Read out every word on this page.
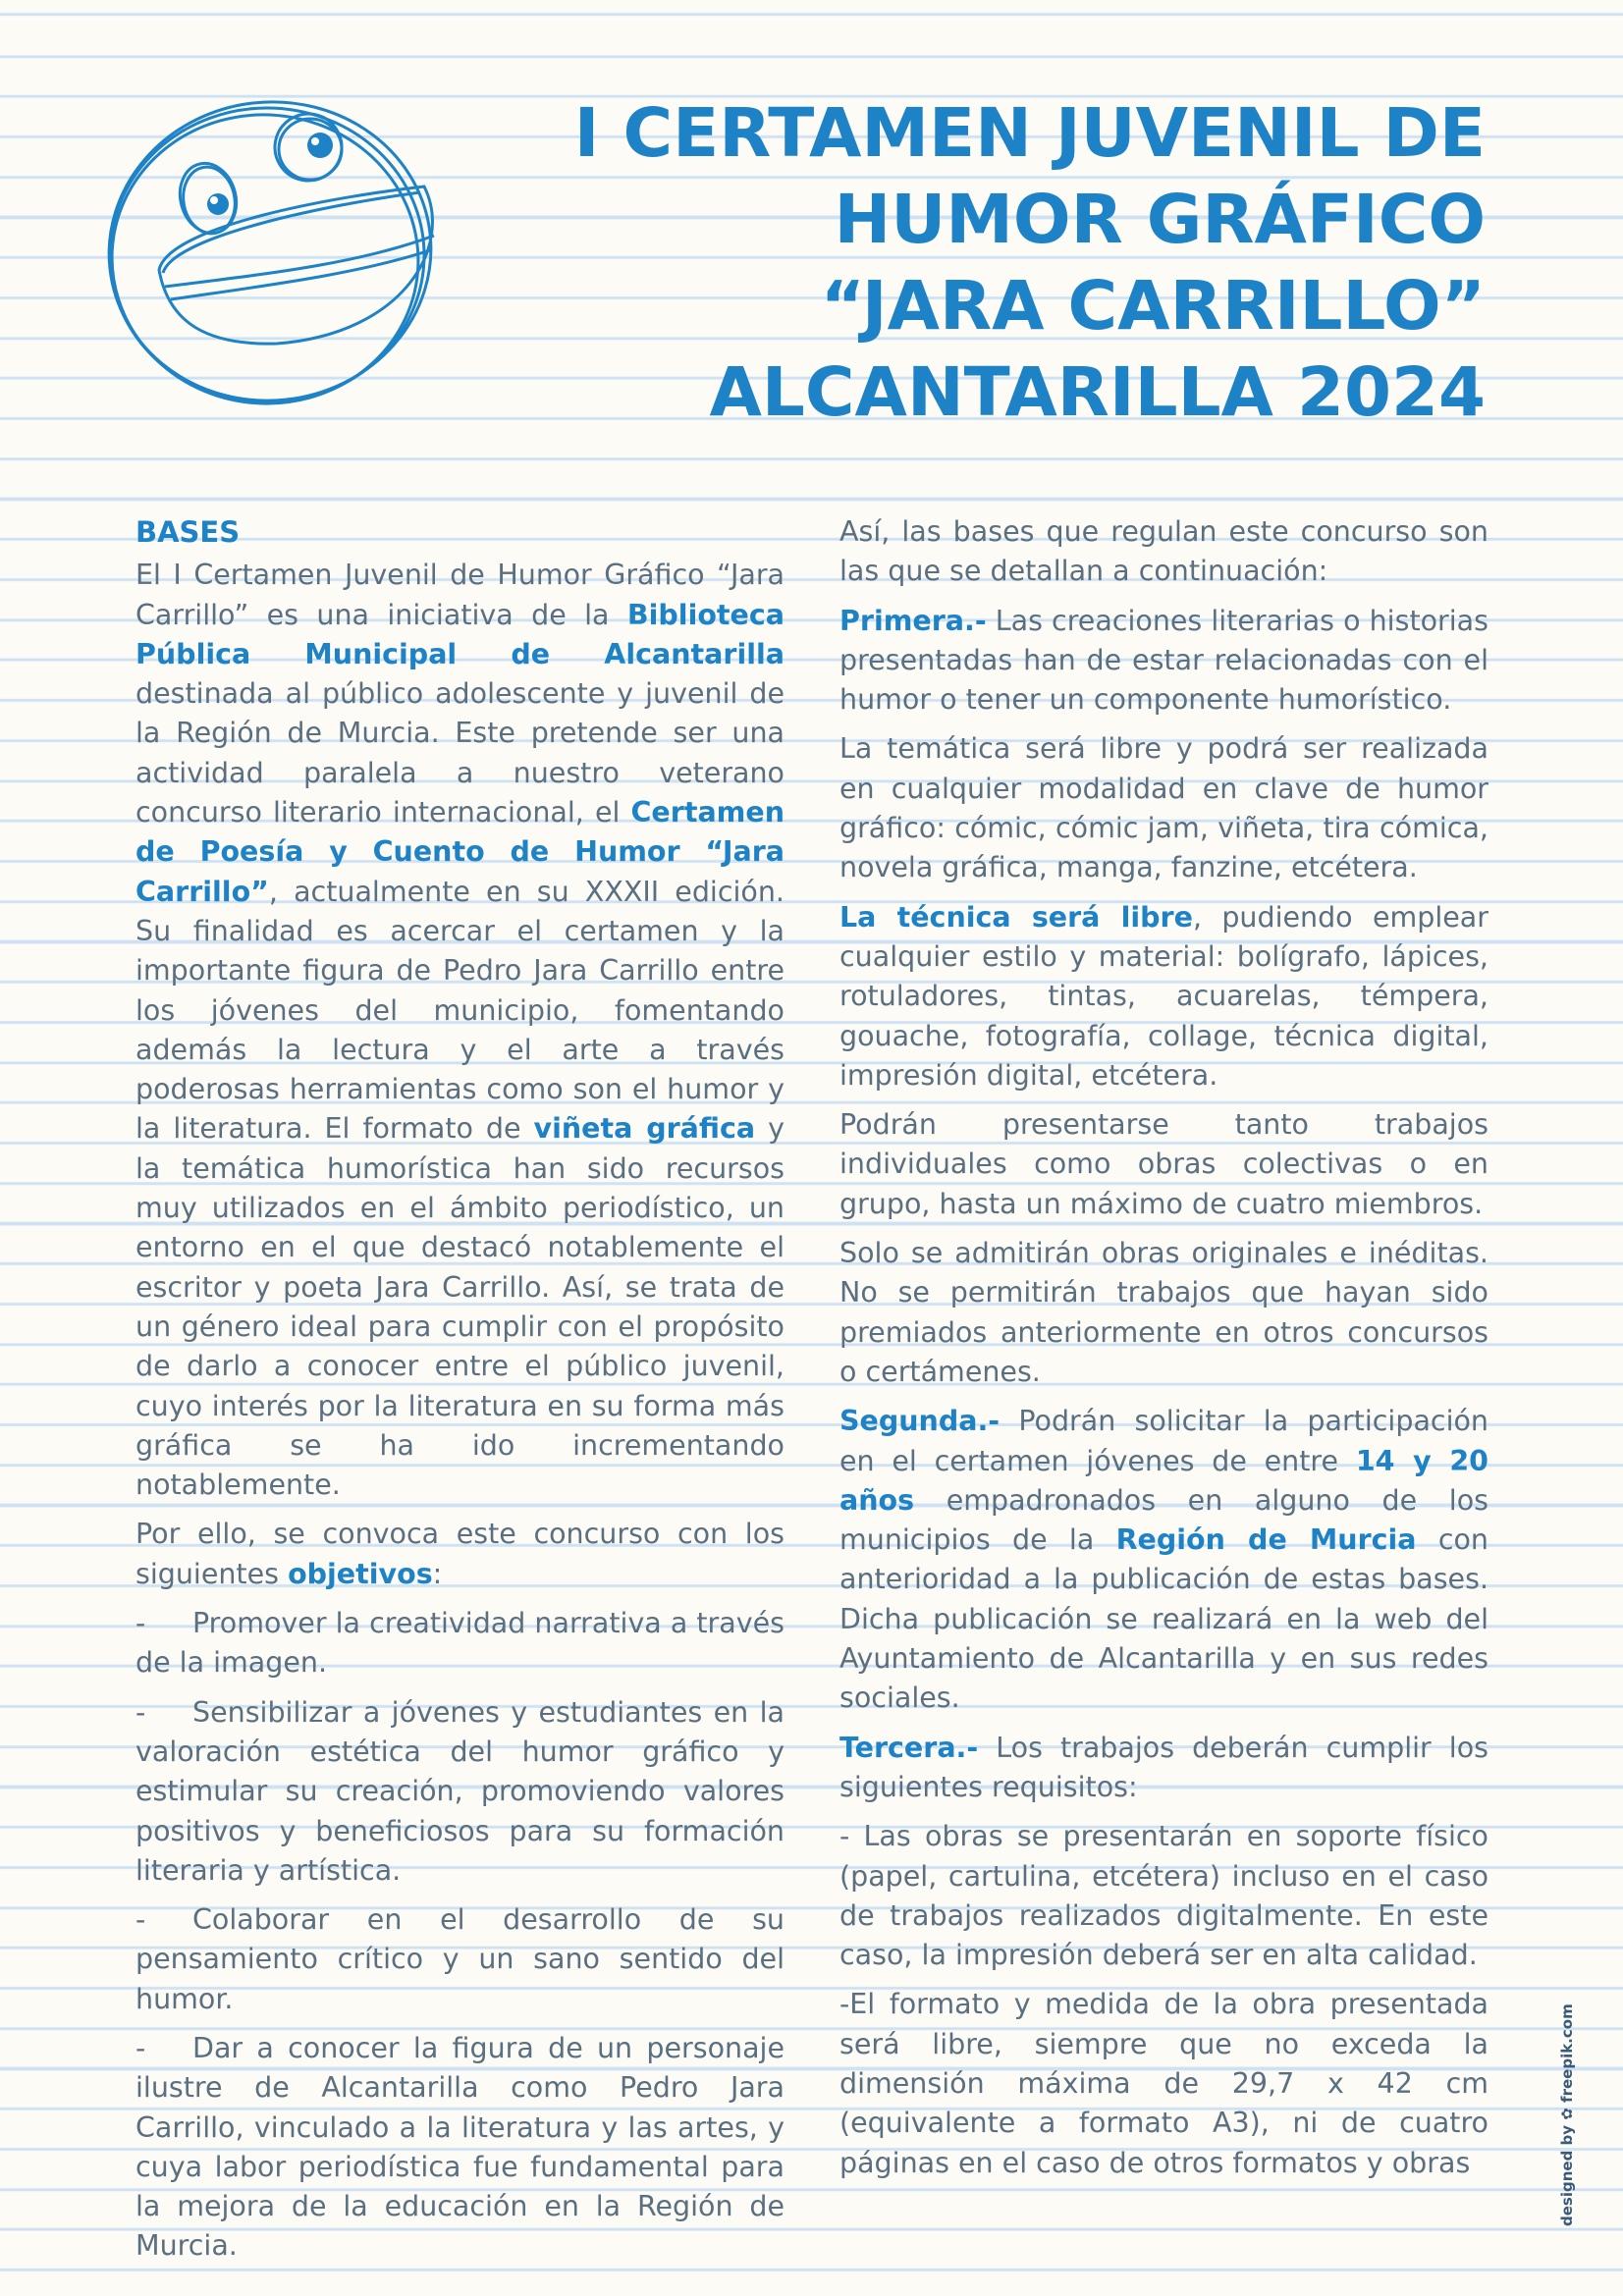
I CERTAMEN JUVENIL DE
HUMOR GRÁFICO
“JARA CARRILLO”
ALCANTARILLA 2024
BASES

El I Certamen Juvenil de Humor Gráfico “Jara Carrillo” es una iniciativa de la Biblioteca Pública Municipal de Alcantarilla destinada al público adolescente y juvenil de la Región de Murcia. Este pretende ser una actividad paralela a nuestro veterano concurso literario internacional, el Certamen de Poesía y Cuento de Humor “Jara Carrillo”, actualmente en su XXXII edición. Su finalidad es acercar el certamen y la importante figura de Pedro Jara Carrillo entre los jóvenes del municipio, fomentando además la lectura y el arte a través poderosas herramientas como son el humor y la literatura. El formato de viñeta gráfica y la temática humorística han sido recursos muy utilizados en el ámbito periodístico, un entorno en el que destacó notablemente el escritor y poeta Jara Carrillo. Así, se trata de un género ideal para cumplir con el propósito de darlo a conocer entre el público juvenil, cuyo interés por la literatura en su forma más gráfica se ha ido incrementando notablemente.

Por ello, se convoca este concurso con los siguientes objetivos:

- Promover la creatividad narrativa a través de la imagen.

- Sensibilizar a jóvenes y estudiantes en la valoración estética del humor gráfico y estimular su creación, promoviendo valores positivos y beneficiosos para su formación literaria y artística.

- Colaborar en el desarrollo de su pensamiento crítico y un sano sentido del humor.

- Dar a conocer la figura de un personaje ilustre de Alcantarilla como Pedro Jara Carrillo, vinculado a la literatura y las artes, y cuya labor periodística fue fundamental para la mejora de la educación en la Región de Murcia.

Así, las bases que regulan este concurso son las que se detallan a continuación:

Primera.- Las creaciones literarias o historias presentadas han de estar relacionadas con el humor o tener un componente humorístico.

La temática será libre y podrá ser realizada en cualquier modalidad en clave de humor gráfico: cómic, cómic jam, viñeta, tira cómica, novela gráfica, manga, fanzine, etcétera.

La técnica será libre, pudiendo emplear cualquier estilo y material: bolígrafo, lápices, rotuladores, tintas, acuarelas, témpera, gouache, fotografía, collage, técnica digital, impresión digital, etcétera.

Podrán presentarse tanto trabajos individuales como obras colectivas o en grupo, hasta un máximo de cuatro miembros.

Solo se admitirán obras originales e inéditas. No se permitirán trabajos que hayan sido premiados anteriormente en otros concursos o certámenes.

Segunda.- Podrán solicitar la participación en el certamen jóvenes de entre 14 y 20 años empadronados en alguno de los municipios de la Región de Murcia con anterioridad a la publicación de estas bases. Dicha publicación se realizará en la web del Ayuntamiento de Alcantarilla y en sus redes sociales.

Tercera.- Los trabajos deberán cumplir los siguientes requisitos:

- Las obras se presentarán en soporte físico (papel, cartulina, etcétera) incluso en el caso de trabajos realizados digitalmente. En este caso, la impresión deberá ser en alta calidad.

-El formato y medida de la obra presentada será libre, siempre que no exceda la dimensión máxima de 29,7 x 42 cm (equivalente a formato A3), ni de cuatro páginas en el caso de otros formatos y obras	designed by ✿ freepik.com
